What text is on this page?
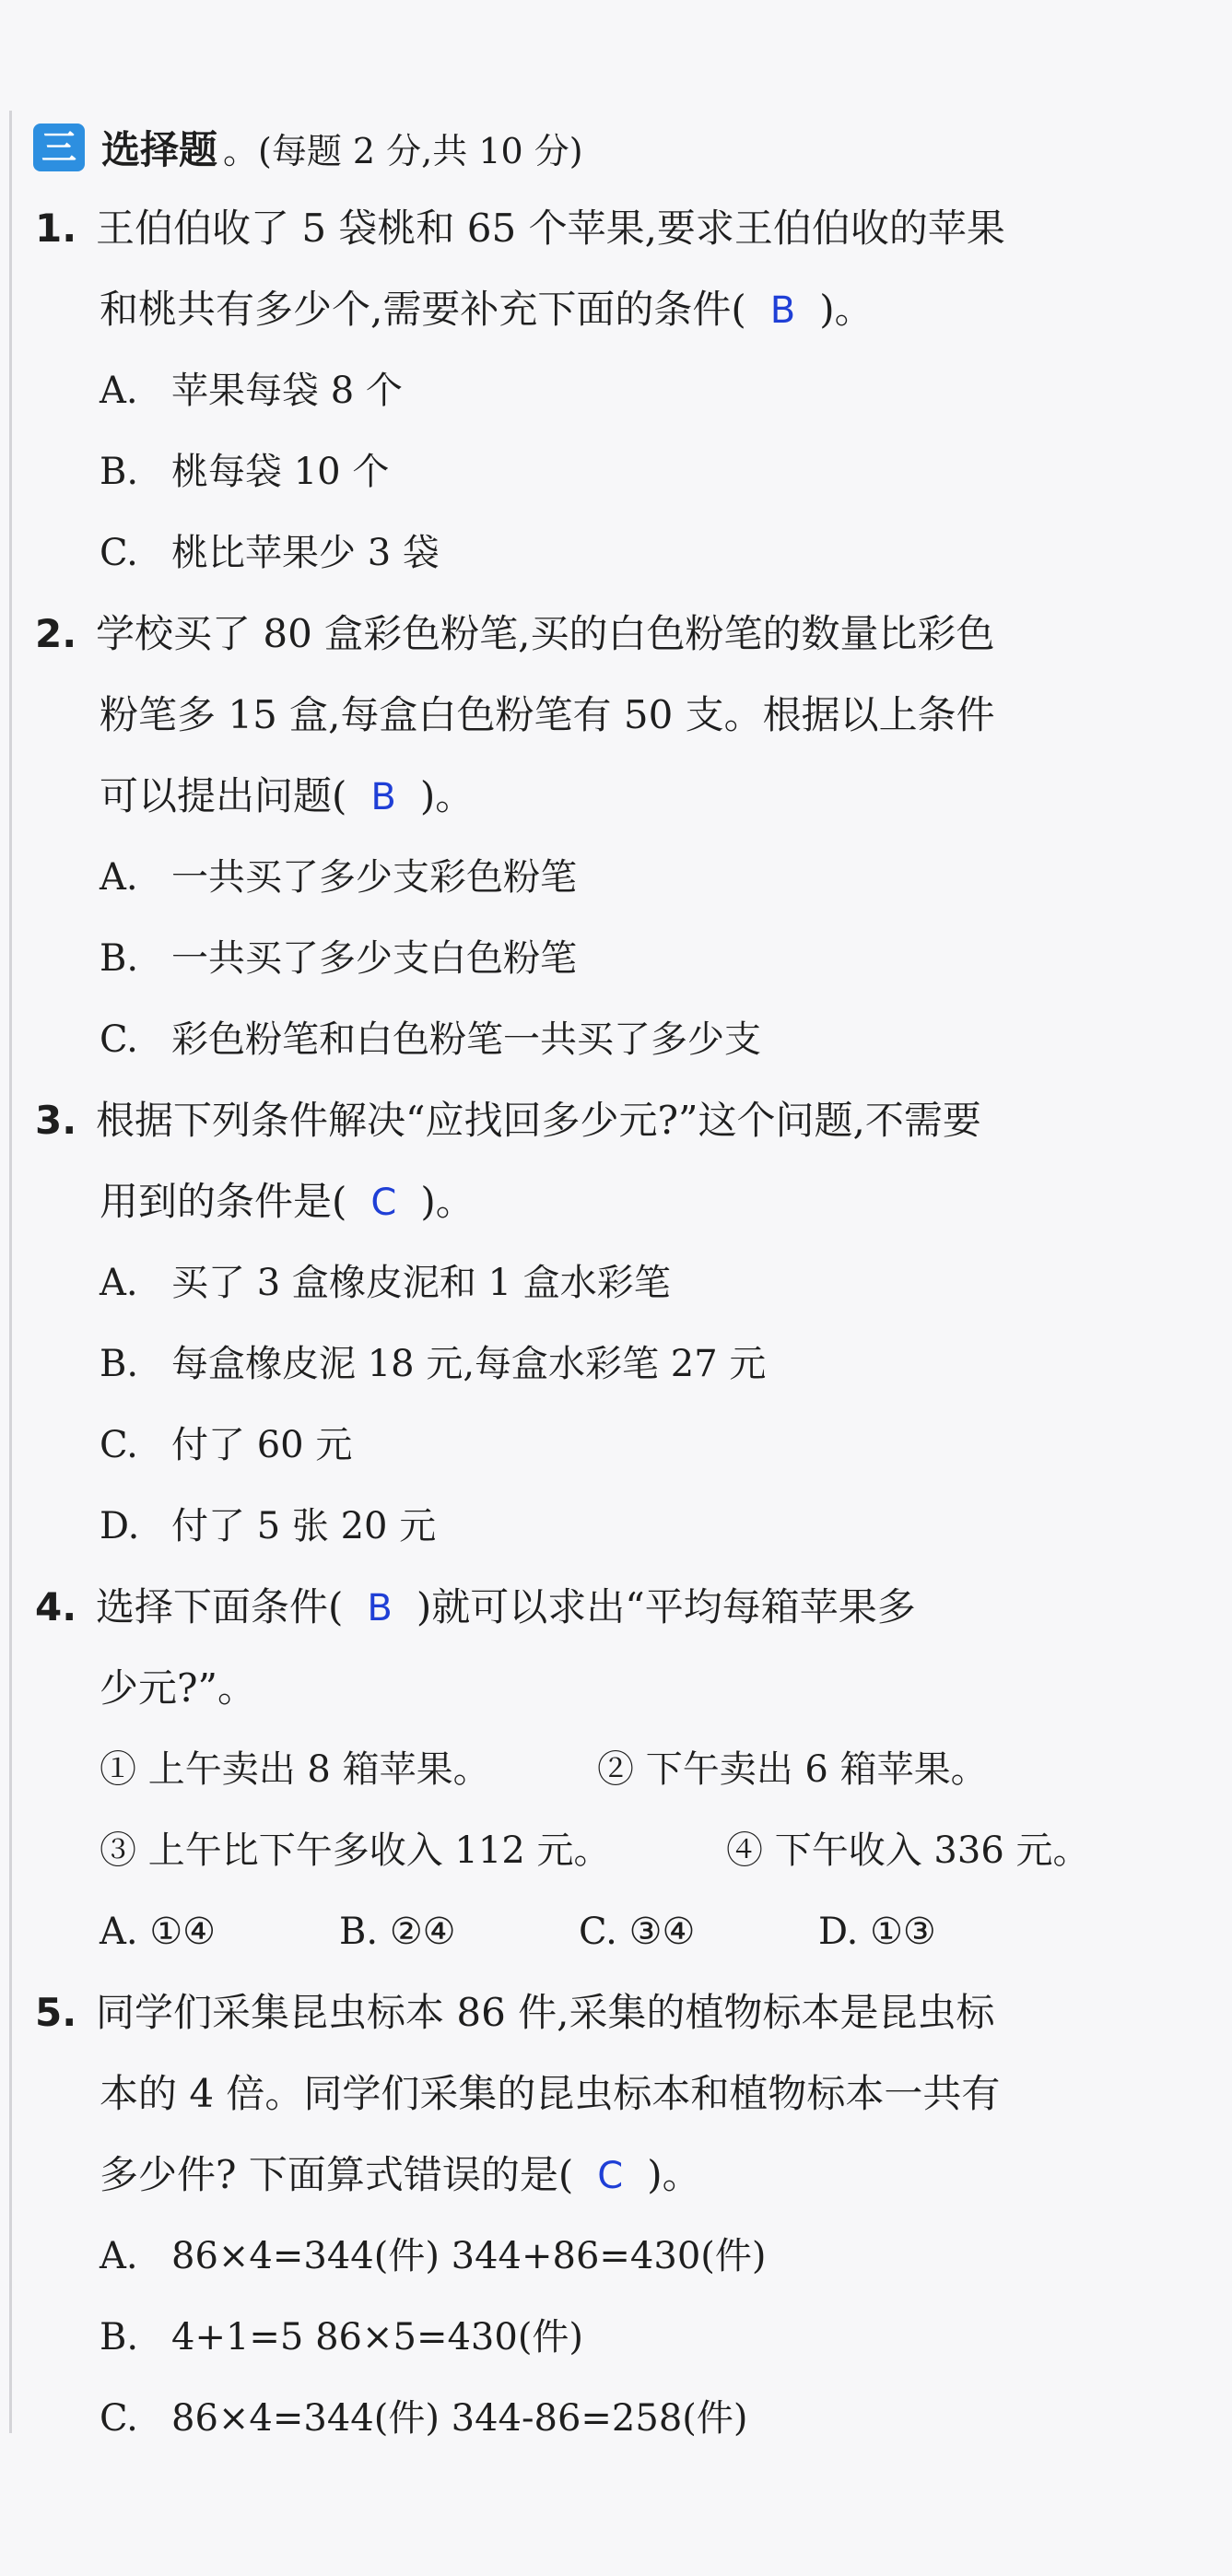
三 选择题 。(每题 2 分,共 10 分)
1. 王伯伯收了 5 袋桃和 65 个苹果,要求王伯伯收的苹果
和桃共有多少个,需要补充下面的条件( B )。
A. 苹果每袋 8 个
B. 桃每袋 10 个
C. 桃比苹果少 3 袋
2. 学校买了 80 盒彩色粉笔,买的白色粉笔的数量比彩色
粉笔多 15 盒,每盒白色粉笔有 50 支。根据以上条件
可以提出问题( B )。
A. 一共买了多少支彩色粉笔
B. 一共买了多少支白色粉笔
C. 彩色粉笔和白色粉笔一共买了多少支
3. 根据下列条件解决“应找回多少元?”这个问题,不需要
用到的条件是( C )。
A. 买了 3 盒橡皮泥和 1 盒水彩笔
B. 每盒橡皮泥 18 元,每盒水彩笔 27 元
C. 付了 60 元
D. 付了 5 张 20 元
4. 选择下面条件( B )就可以求出“平均每箱苹果多
少元?”。
① 上午卖出 8 箱苹果。	② 下午卖出 6 箱苹果。
③ 上午比下午多收入 112 元。	④ 下午收入 336 元。
A. ①④	B. ②④	C. ③④	D. ①③
5. 同学们采集昆虫标本 86 件,采集的植物标本是昆虫标
本的 4 倍。同学们采集的昆虫标本和植物标本一共有
多少件? 下面算式错误的是( C )。
A. 86×4=344(件) 344+86=430(件)
B. 4+1=5 86×5=430(件)
C. 86×4=344(件) 344-86=258(件)
